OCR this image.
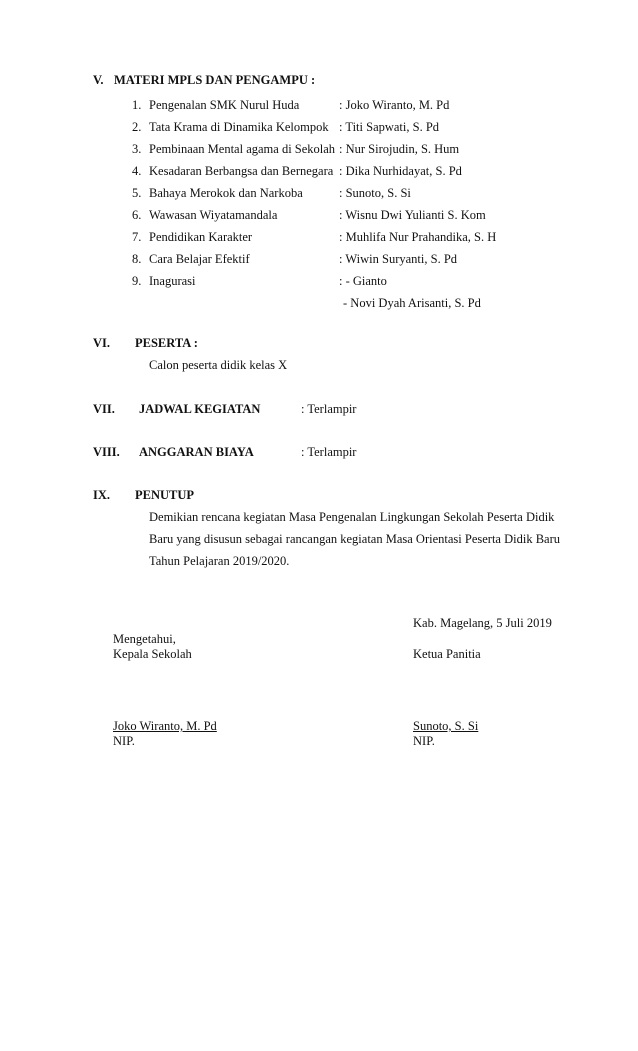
V. MATERI MPLS DAN PENGAMPU :
1. Pengenalan SMK Nurul Huda	: Joko Wiranto, M. Pd
2. Tata Krama di Dinamika Kelompok : Titi Sapwati, S. Pd
3. Pembinaan Mental agama di Sekolah : Nur Sirojudin, S. Hum
4. Kesadaran Berbangsa dan Bernegara : Dika Nurhidayat, S. Pd
5. Bahaya Merokok dan Narkoba	: Sunoto, S. Si
6. Wawasan Wiyatamandala	: Wisnu Dwi Yulianti S. Kom
7. Pendidikan Karakter	: Muhlifa Nur Prahandika, S. H
8. Cara Belajar Efektif	: Wiwin Suryanti, S. Pd
9. Inagurasi	: - Gianto
- Novi Dyah Arisanti, S. Pd
VI. PESERTA :
Calon peserta didik kelas X
VII. JADWAL KEGIATAN	: Terlampir
VIII. ANGGARAN BIAYA	: Terlampir
IX. PENUTUP
Demikian rencana kegiatan Masa Pengenalan Lingkungan Sekolah Peserta Didik
Baru yang disusun sebagai rancangan kegiatan Masa Orientasi Peserta Didik Baru
Tahun Pelajaran 2019/2020.
Kab. Magelang, 5 Juli 2019
Mengetahui,
Kepala Sekolah	Ketua Panitia
Joko Wiranto, M. Pd
NIP.
Sunoto, S. Si
NIP.
